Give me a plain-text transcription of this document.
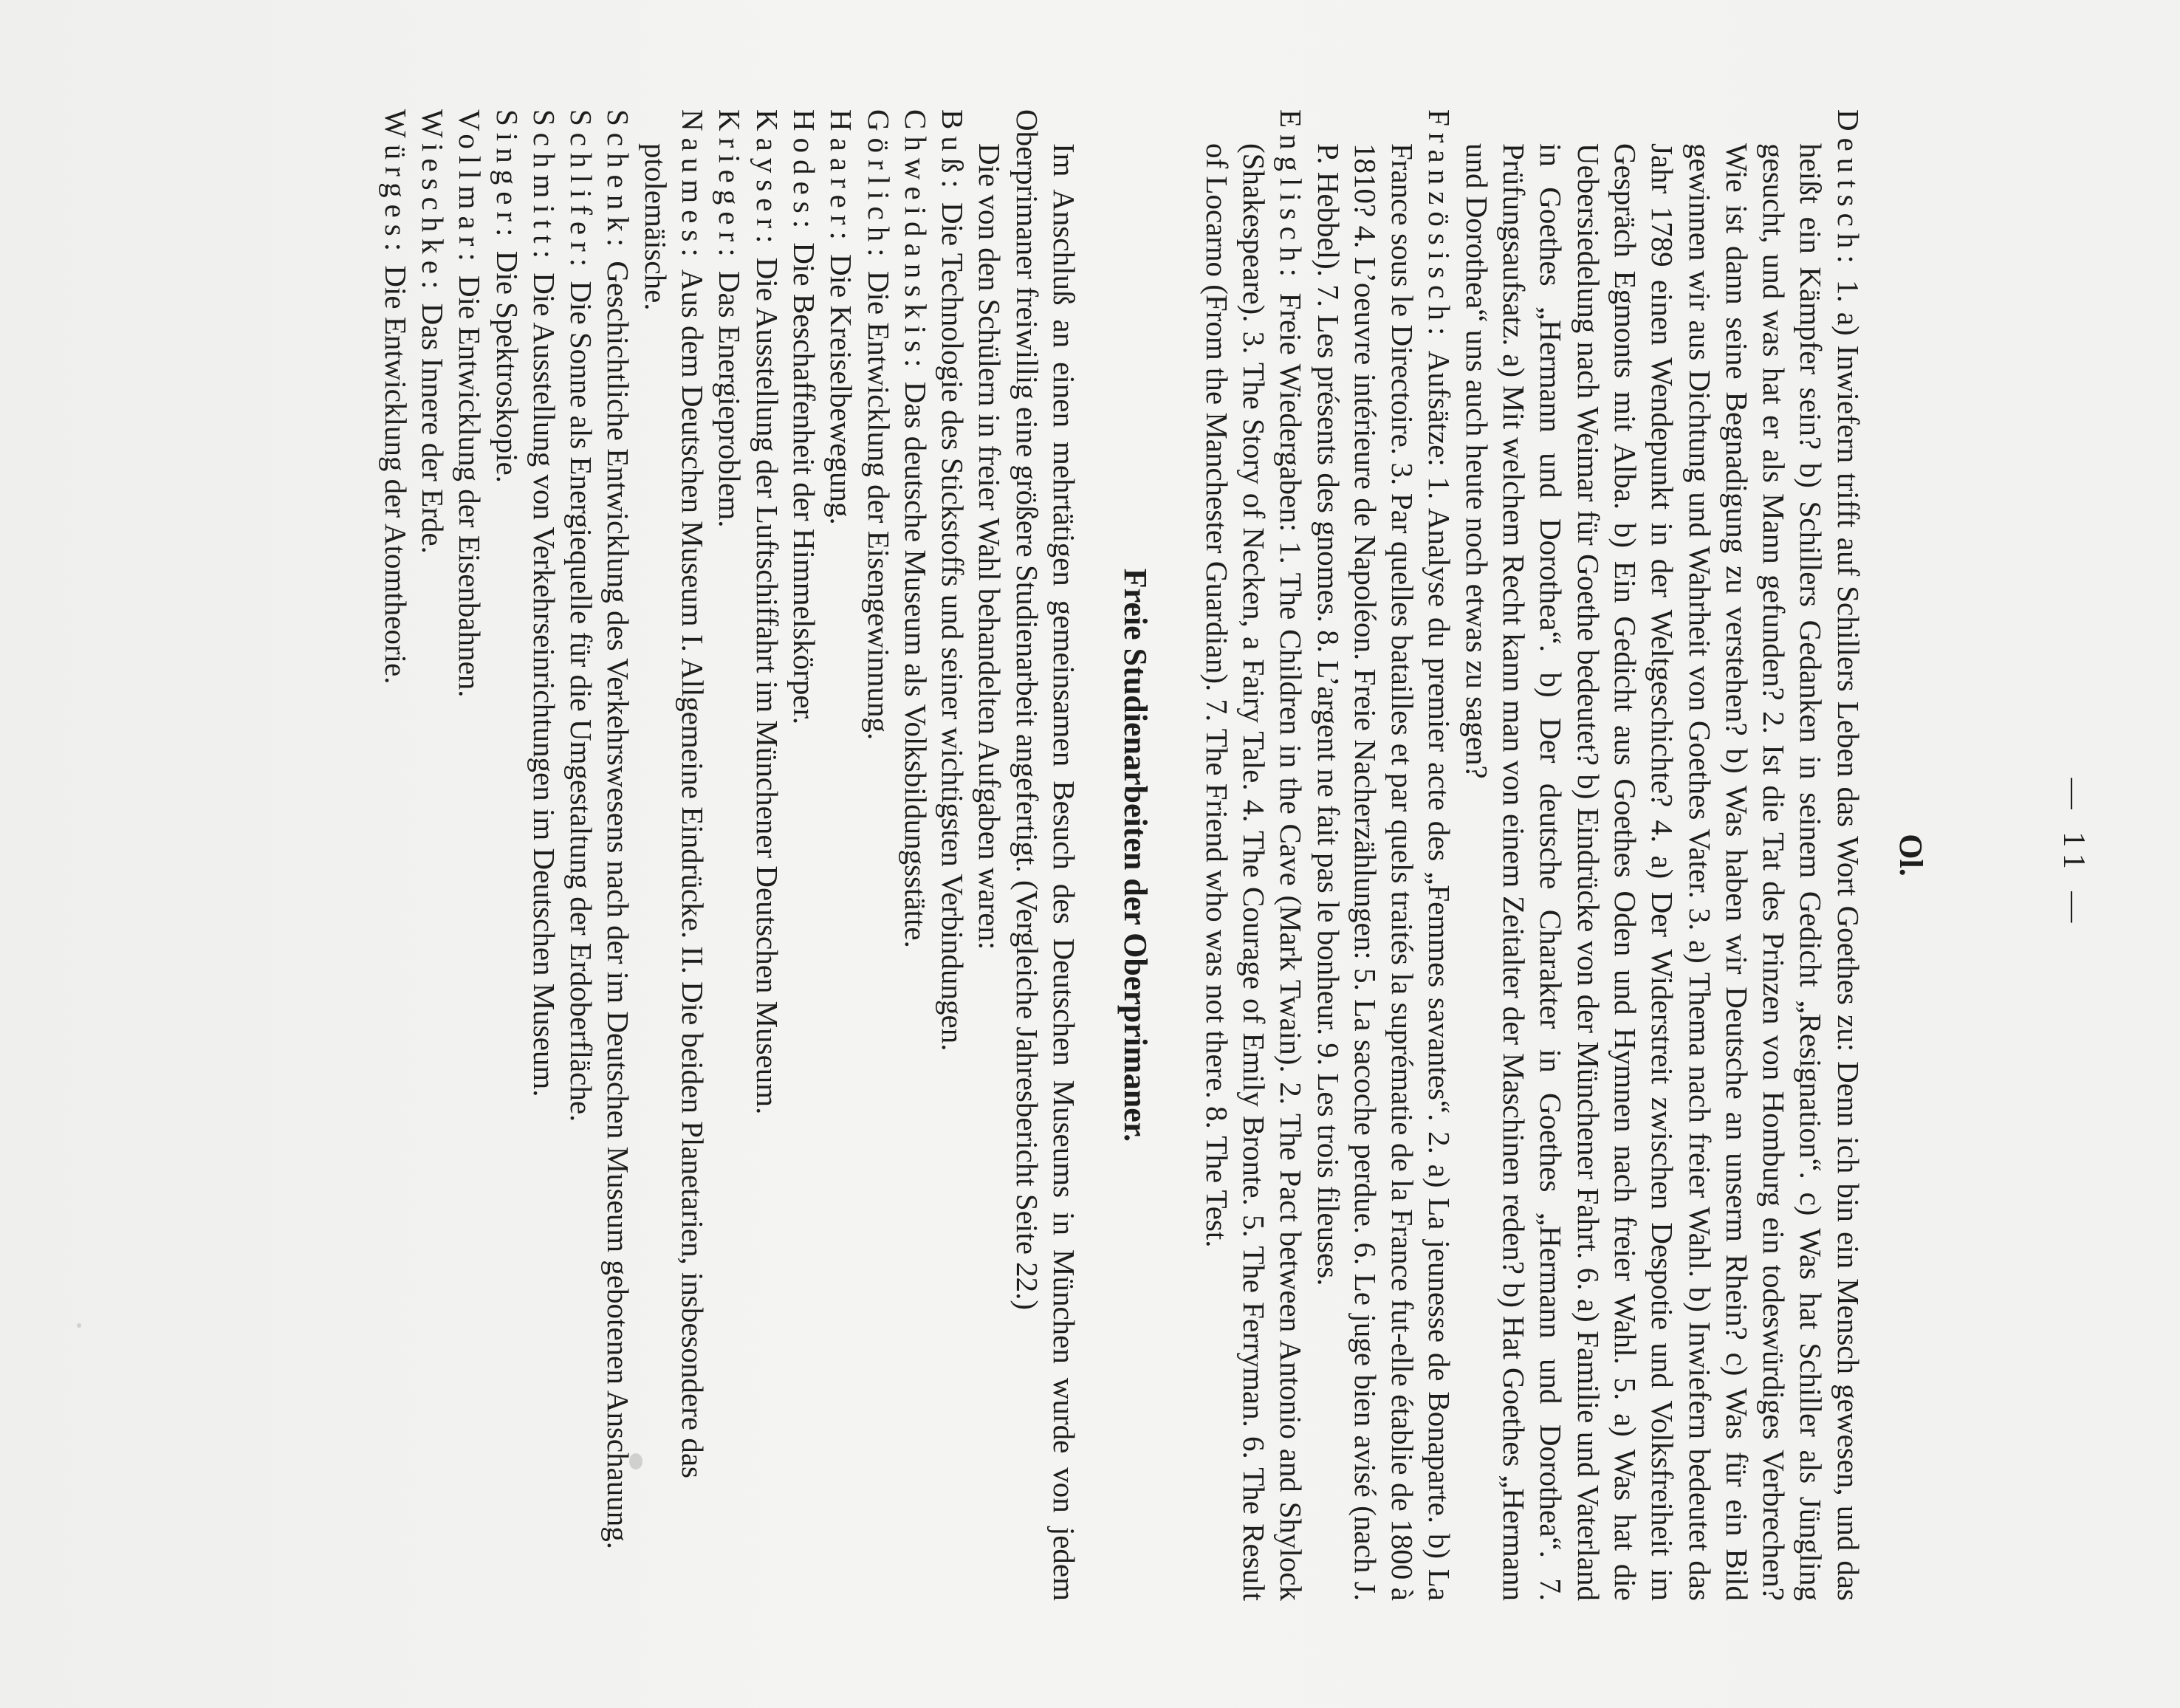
— 11 —
Ol.

Deutsch: 1. a) Inwiefern trifft auf Schillers Leben das Wort Goethes zu: Denn ich bin ein Mensch gewesen, und das heißt ein Kämpfer sein? b) Schillers Gedanken in seinem Gedicht „Resignation“. c) Was hat Schiller als Jüngling gesucht, und was hat er als Mann gefunden? 2. Ist die Tat des Prinzen von Homburg ein todeswürdiges Verbrechen? Wie ist dann seine Begnadigung zu verstehen? b) Was haben wir Deutsche an unserm Rhein? c) Was für ein Bild gewinnen wir aus Dichtung und Wahrheit von Goethes Vater. 3. a) Thema nach freier Wahl. b) Inwiefern bedeutet das Jahr 1789 einen Wendepunkt in der Weltgeschichte? 4. a) Der Widerstreit zwischen Despotie und Volksfreiheit im Gespräch Egmonts mit Alba. b) Ein Gedicht aus Goethes Oden und Hymnen nach freier Wahl. 5. a) Was hat die Uebersiedelung nach Weimar für Goethe bedeutet? b) Eindrücke von der Münchener Fahrt. 6. a) Familie und Vaterland in Goethes „Hermann und Dorothea“. b) Der deutsche Charakter in Goethes „Hermann und Dorothea“. 7. Prüfungsaufsatz. a) Mit welchem Recht kann man von einem Zeitalter der Maschinen reden? b) Hat Goethes „Hermann und Dorothea“ uns auch heute noch etwas zu sagen?

Französisch: Aufsätze: 1. Analyse du premier acte des „Femmes savantes“. 2. a) La jeunesse de Bonaparte. b) La France sous le Directoire. 3. Par quelles batailles et par quels traités la suprématie de la France fut-elle établie de 1800 à 1810? 4. L’oeuvre intérieure de Napoléon. Freie Nacherzählungen: 5. La sacoche perdue. 6. Le juge bien avisé (nach J. P. Hebbel). 7. Les présents des gnomes. 8. L’argent ne fait pas le bonheur. 9. Les trois fileuses.

Englisch: Freie Wiedergaben: 1. The Children in the Cave (Mark Twain). 2. The Pact between Antonio and Shylock (Shakespeare). 3. The Story of Necken, a Fairy Tale. 4. The Courage of Emily Bronte. 5. The Ferryman. 6. The Result of Locarno (From the Manchester Guardian). 7. The Friend who was not there. 8. The Test.

Freie Studienarbeiten der Oberprimaner.

Im Anschluß an einen mehrtätigen gemeinsamen Besuch des Deutschen Museums in München wurde von jedem Oberprimaner freiwillig eine größere Studienarbeit angefertigt. (Vergleiche Jahresbericht Seite 22.)

Die von den Schülern in freier Wahl behandelten Aufgaben waren:

Buß: Die Technologie des Stickstoffs und seiner wichtigsten Verbindungen.

Chweidanskis: Das deutsche Museum als Volksbildungsstätte.

Görlich: Die Entwicklung der Eisengewinnung.

Haarer: Die Kreiselbewegung.

Hodes: Die Beschaffenheit der Himmelskörper.

Kayser: Die Ausstellung der Luftschiffahrt im Münchener Deutschen Museum.

Krieger: Das Energieproblem.

Naumes: Aus dem Deutschen Museum I. Allgemeine Eindrücke. II. Die beiden Planetarien, insbesondere das ptolemäische.

Schenk: Geschichtliche Entwicklung des Verkehrswesens nach der im Deutschen Museum gebotenen Anschauung.

Schlifer: Die Sonne als Energiequelle für die Umgestaltung der Erdoberfläche.

Schmitt: Die Ausstellung von Verkehrseinrichtungen im Deutschen Museum.

Singer: Die Spektroskopie.

Vollmar: Die Entwicklung der Eisenbahnen.

Wieschke: Das Innere der Erde.

Würges: Die Entwicklung der Atomtheorie.
